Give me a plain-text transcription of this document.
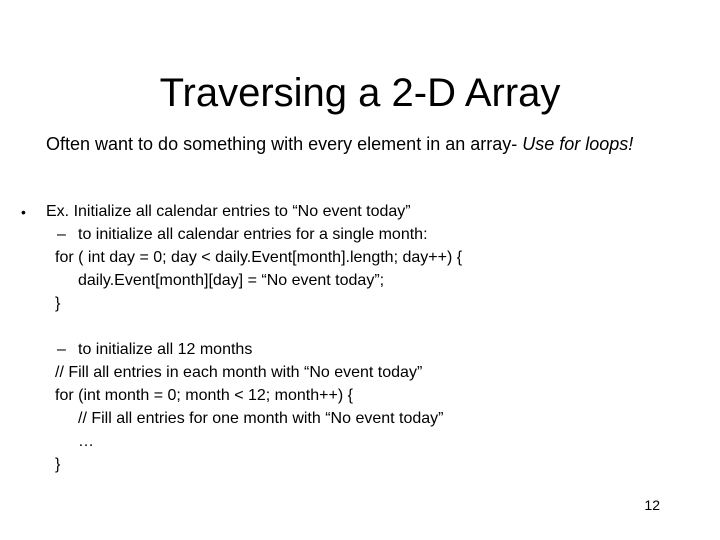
Traversing a 2-D Array
Often want to do something with every element in an array- Use for loops!
• Ex. Initialize all calendar entries to “No event today”
– to initialize all calendar entries for a single month:
for ( int day = 0; day < daily.Event[month].length; day++) {
daily.Event[month][day] = “No event today”;
}
– to initialize all 12 months
// Fill all entries in each month with “No event today”
for (int month = 0; month < 12; month++) {
// Fill all entries for one month with “No event today”
…
}
12
